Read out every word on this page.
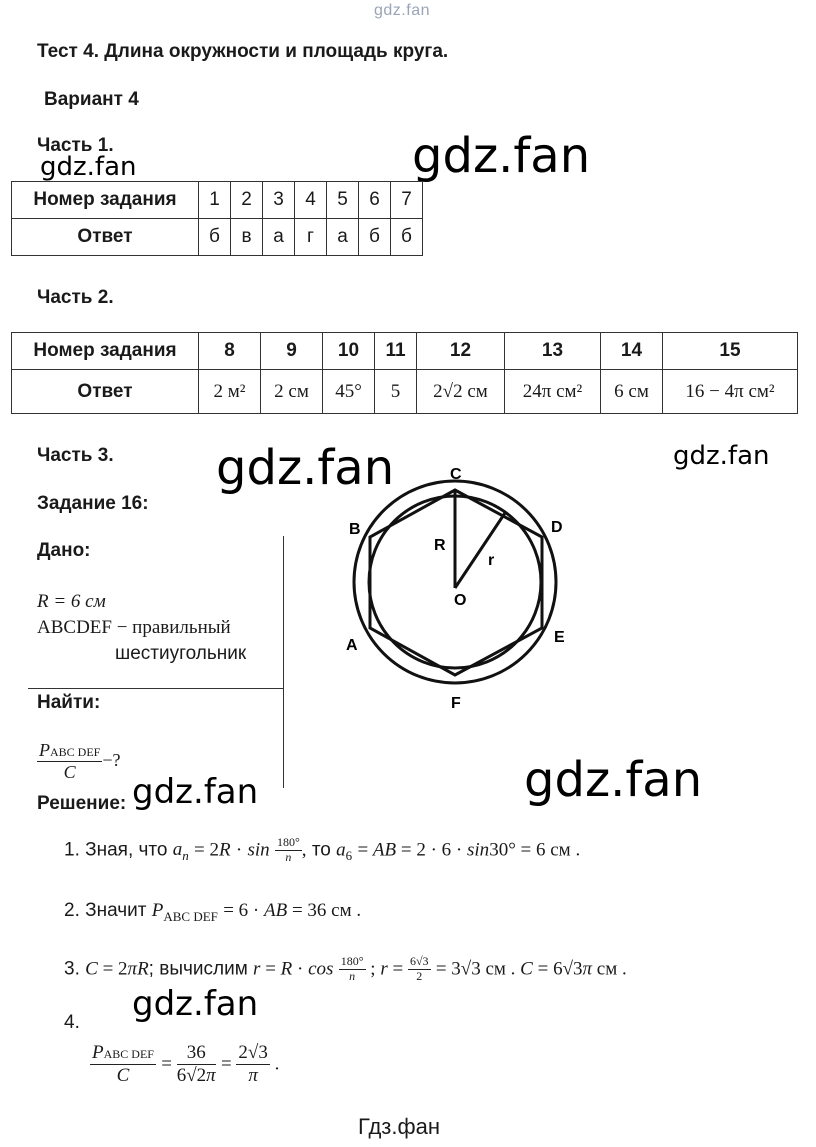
gdz.fan
gdz.fan
gdz.fan
gdz.fan
gdz.fan
gdz.fan
gdz.fan
gdz.fan
Тест 4. Длина окружности и площадь круга.
Вариант 4
Часть 1.
Номер задания	1	2	3	4	5	6	7
Ответ	б	в	а	г	а	б	б
Часть 2.
Номер задания	8	9	10	11	12	13	14	15
Ответ	2 м²	2 см	45°	5	2√2 см	24π см²	6 см	16 − 4π см²
Часть 3.
Задание 16:
Дано:
R = 6 см
ABCDEF − правильный
шестиугольник
Найти:
$\frac{\text{PABC DEF}}{C}$ −?
Решение:
C
B	D
A	E
F
O
R
r
1. Зная, что $a_n = 2R \cdot \sin \frac{180^\circ}{n}$ , то $a_6$ = AB = 2 · 6 · sin30° = 6 см .
2. Значит $P_{ABC DEF} = 6$ · AB = 36 см .
3. C = 2πR; вычислим $r = R \cdot \cos \frac{180^\circ}{n}$ ; $r = \frac{6√3}{2} = 3√3$ см . C = 6√3π см .
4.
$\frac{\text{PABC DEF}}{C} = \frac{36}{6√2\pi} = \frac{2√3}{\pi}$ .
Гдз.фан
